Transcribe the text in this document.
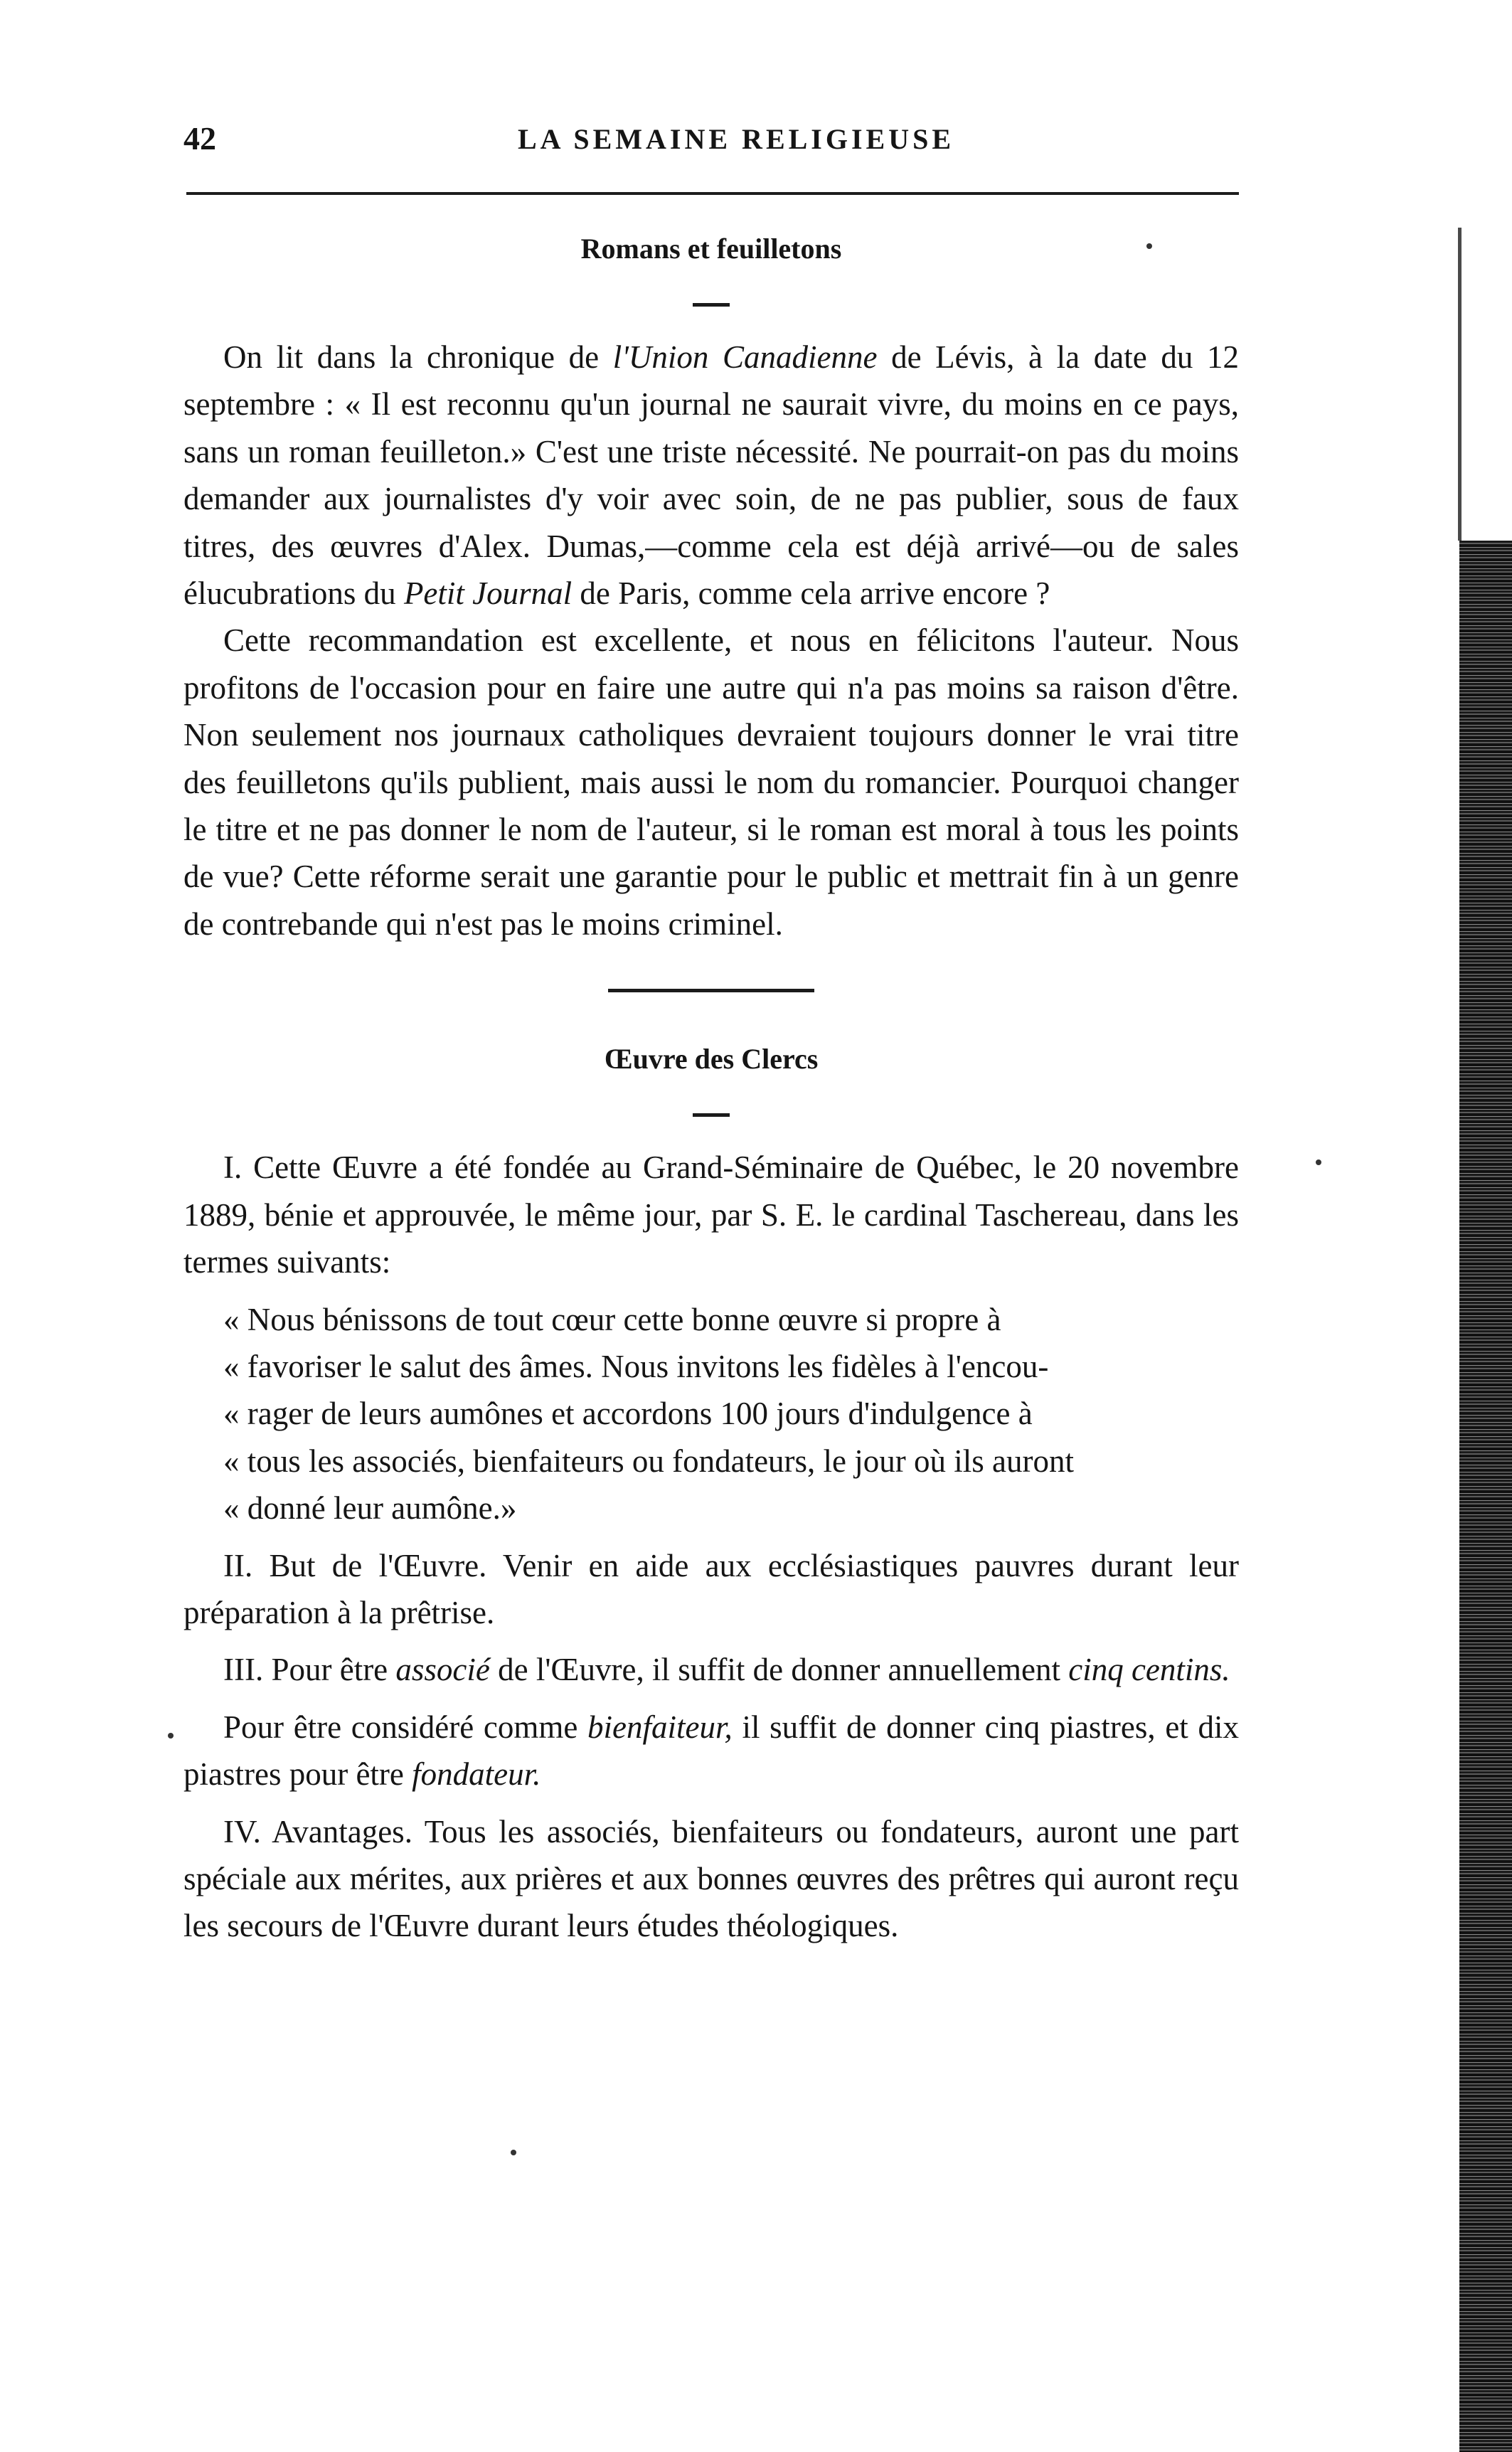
42	LA SEMAINE RELIGIEUSE
Romans et feuilletons

On lit dans la chronique de l'Union Canadienne de Lévis, à la date du 12 septembre : « Il est reconnu qu'un journal ne saurait vivre, du moins en ce pays, sans un roman feuilleton.» C'est une triste nécessité. Ne pourrait-on pas du moins demander aux journalistes d'y voir avec soin, de ne pas publier, sous de faux titres, des œuvres d'Alex. Dumas,—comme cela est déjà arrivé—ou de sales élucubrations du Petit Journal de Paris, comme cela arrive encore ?

Cette recommandation est excellente, et nous en félicitons l'auteur. Nous profitons de l'occasion pour en faire une autre qui n'a pas moins sa raison d'être. Non seulement nos journaux catholiques devraient toujours donner le vrai titre des feuilletons qu'ils publient, mais aussi le nom du romancier. Pourquoi changer le titre et ne pas donner le nom de l'auteur, si le roman est moral à tous les points de vue? Cette réforme serait une garantie pour le public et mettrait fin à un genre de contrebande qui n'est pas le moins criminel.

Œuvre des Clercs

I. Cette Œuvre a été fondée au Grand-Séminaire de Québec, le 20 novembre 1889, bénie et approuvée, le même jour, par S. E. le cardinal Taschereau, dans les termes suivants:

« Nous bénissons de tout cœur cette bonne œuvre si propre à

« favoriser le salut des âmes. Nous invitons les fidèles à l'encou-

« rager de leurs aumônes et accordons 100 jours d'indulgence à

« tous les associés, bienfaiteurs ou fondateurs, le jour où ils auront

« donné leur aumône.»

II. But de l'Œuvre. Venir en aide aux ecclésiastiques pauvres durant leur préparation à la prêtrise.

III. Pour être associé de l'Œuvre, il suffit de donner annuellement cinq centins.

Pour être considéré comme bienfaiteur, il suffit de donner cinq piastres, et dix piastres pour être fondateur.

IV. Avantages. Tous les associés, bienfaiteurs ou fondateurs, auront une part spéciale aux mérites, aux prières et aux bonnes œuvres des prêtres qui auront reçu les secours de l'Œuvre durant leurs études théologiques.
